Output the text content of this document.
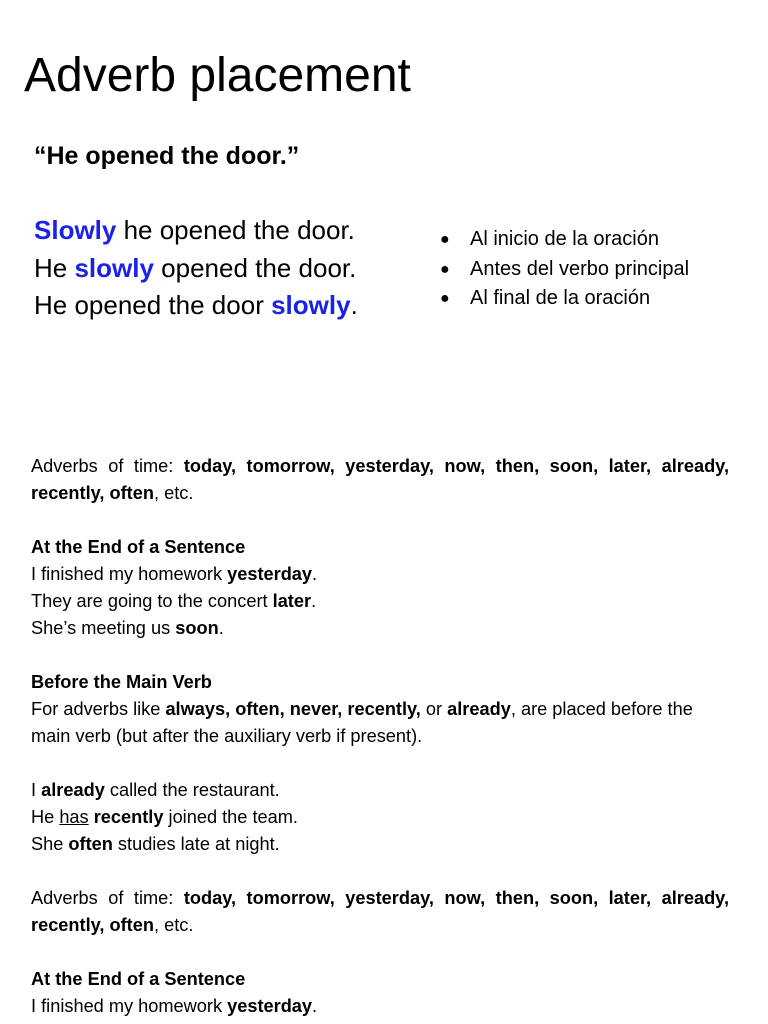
Adverb placement
“He opened the door.”
Slowly he opened the door.
He slowly opened the door.
He opened the door slowly.
● Al inicio de la oración
● Antes del verbo principal
● Al final de la oración

Adverbs of time: today, tomorrow, yesterday, now, then, soon, later, already, recently, often, etc.

At the End of a Sentence

I finished my homework yesterday.

They are going to the concert later.

She’s meeting us soon.

Before the Main Verb

For adverbs like always, often, never, recently, or already, are placed before the main verb (but after the auxiliary verb if present).

I already called the restaurant.

He has recently joined the team.

She often studies late at night.

Adverbs of time: today, tomorrow, yesterday, now, then, soon, later, already, recently, often, etc.

At the End of a Sentence

I finished my homework yesterday.
